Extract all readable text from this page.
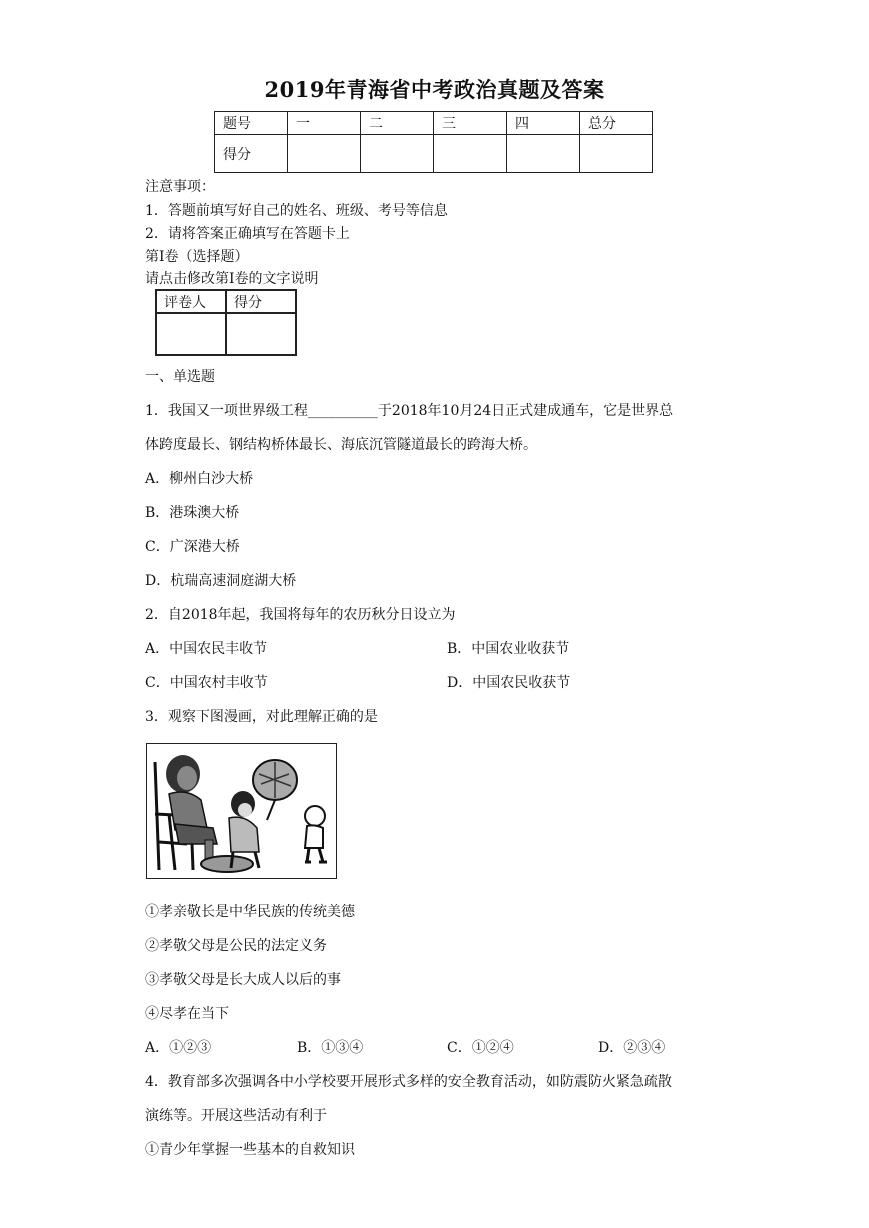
2019年青海省中考政治真题及答案
题号	一	二	三	四	总分
得分					
注意事项：
1．答题前填写好自己的姓名、班级、考号等信息
2．请将答案正确填写在答题卡上
第I卷（选择题）
请点击修改第I卷的文字说明
评卷人	得分

一、单选题
1．我国又一项世界级工程__________于2018年10月24日正式建成通车，它是世界总
体跨度最长、钢结构桥体最长、海底沉管隧道最长的跨海大桥。
A．柳州白沙大桥
B．港珠澳大桥
C．广深港大桥
D．杭瑞高速洞庭湖大桥
2．自2018年起，我国将每年的农历秋分日设立为
A．中国农民丰收节	B．中国农业收获节
C．中国农村丰收节	D．中国农民收获节
3．观察下图漫画，对此理解正确的是
①孝亲敬长是中华民族的传统美德
②孝敬父母是公民的法定义务
③孝敬父母是长大成人以后的事
④尽孝在当下
A．①②③	B．①③④	C．①②④	D．②③④
4．教育部多次强调各中小学校要开展形式多样的安全教育活动，如防震防火紧急疏散
演练等。开展这些活动有利于
①青少年掌握一些基本的自救知识
